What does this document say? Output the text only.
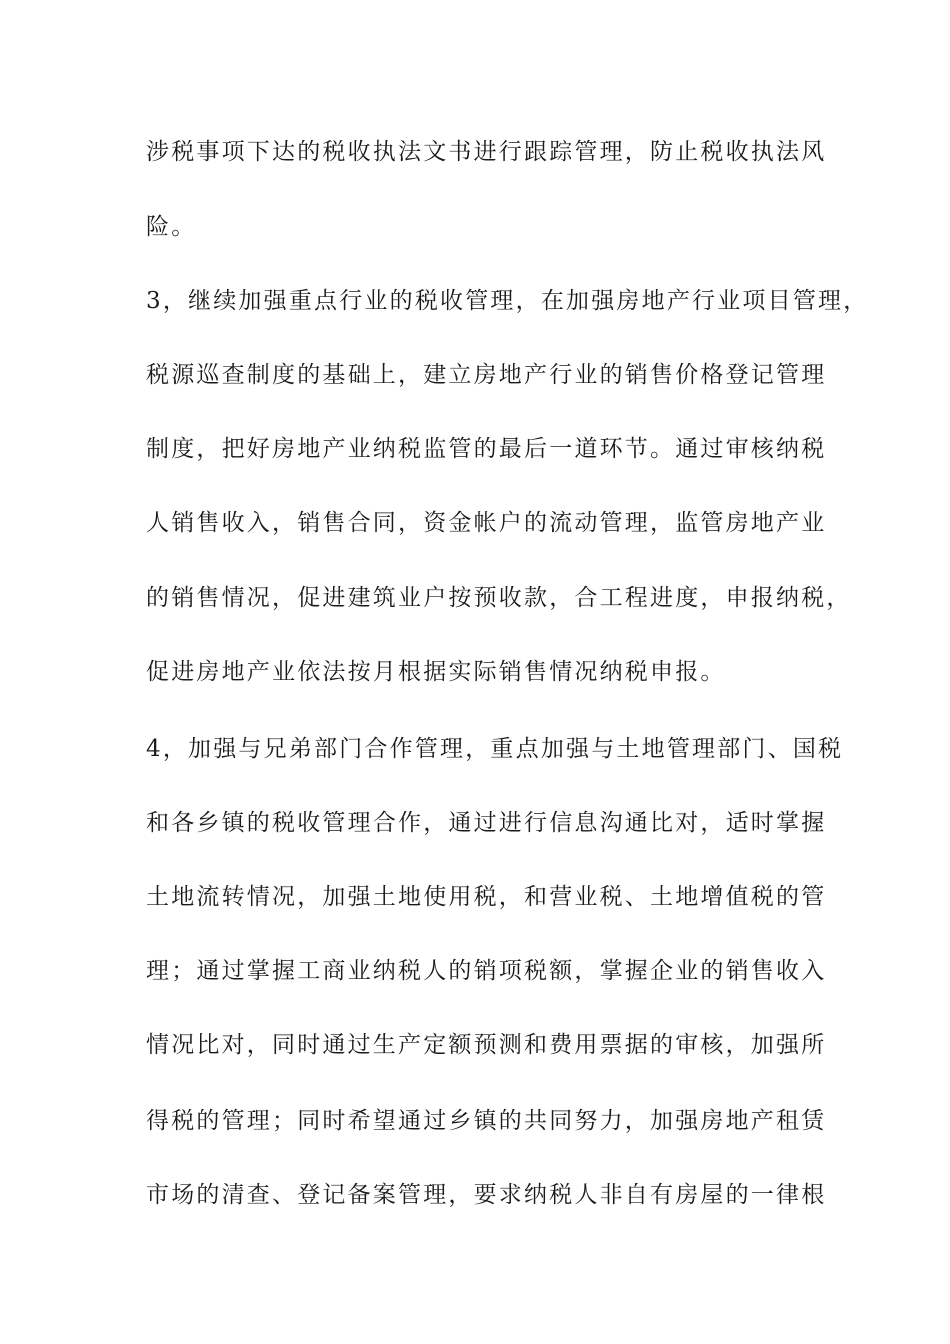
涉税事项下达的税收执法文书进行跟踪管理，防止税收执法风
险。
3，继续加强重点行业的税收管理，在加强房地产行业项目管理，
税源巡查制度的基础上，建立房地产行业的销售价格登记管理
制度，把好房地产业纳税监管的最后一道环节。通过审核纳税
人销售收入，销售合同，资金帐户的流动管理，监管房地产业
的销售情况，促进建筑业户按预收款，合工程进度，申报纳税，
促进房地产业依法按月根据实际销售情况纳税申报。
4，加强与兄弟部门合作管理，重点加强与土地管理部门、国税
和各乡镇的税收管理合作，通过进行信息沟通比对，适时掌握
土地流转情况，加强土地使用税，和营业税、土地增值税的管
理；通过掌握工商业纳税人的销项税额，掌握企业的销售收入
情况比对，同时通过生产定额预测和费用票据的审核，加强所
得税的管理；同时希望通过乡镇的共同努力，加强房地产租赁
市场的清查、登记备案管理，要求纳税人非自有房屋的一律根
